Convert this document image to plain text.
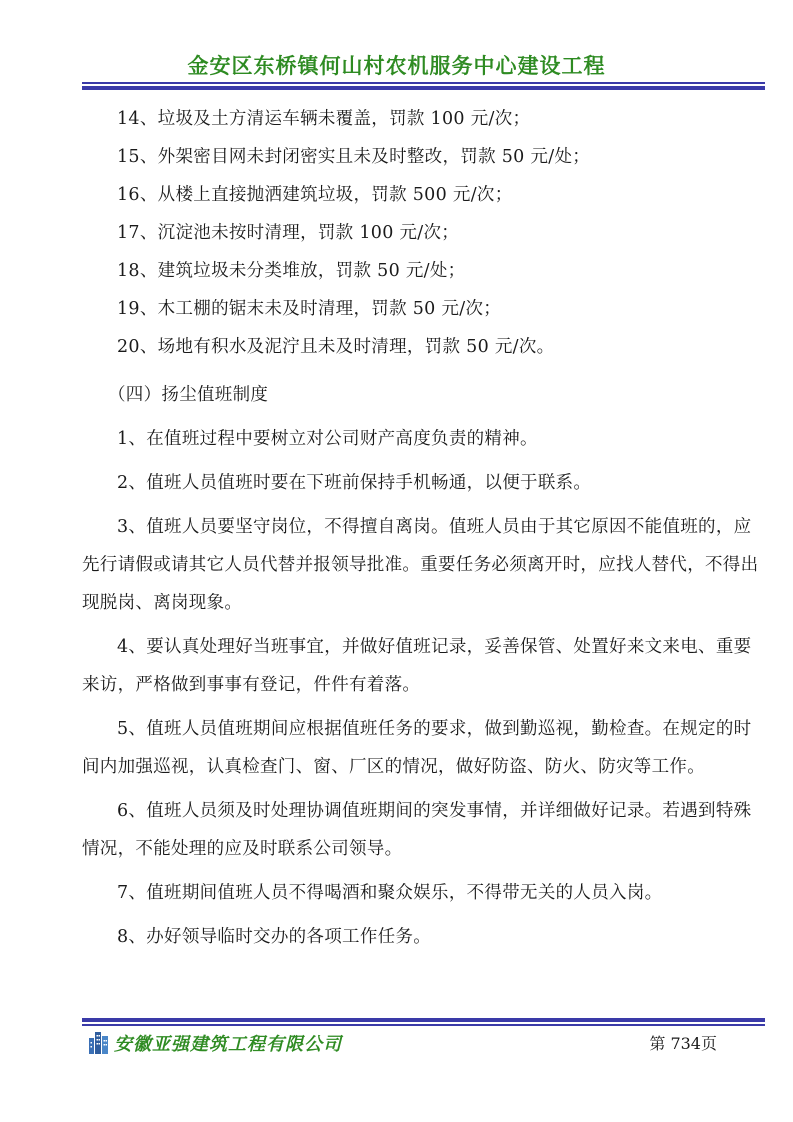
金安区东桥镇何山村农机服务中心建设工程

14、垃圾及土方清运车辆未覆盖，罚款 100 元/次；

15、外架密目网未封闭密实且未及时整改，罚款 50 元/处；

16、从楼上直接抛洒建筑垃圾，罚款 500 元/次；

17、沉淀池未按时清理，罚款 100 元/次；

18、建筑垃圾未分类堆放，罚款 50 元/处；

19、木工棚的锯末未及时清理，罚款 50 元/次；

20、场地有积水及泥泞且未及时清理，罚款 50 元/次。

（四）扬尘值班制度

1、在值班过程中要树立对公司财产高度负责的精神。

2、值班人员值班时要在下班前保持手机畅通，以便于联系。

3、值班人员要坚守岗位，不得擅自离岗。值班人员由于其它原因不能值班的，应先行请假或请其它人员代替并报领导批准。重要任务必须离开时，应找人替代，不得出现脱岗、离岗现象。

4、要认真处理好当班事宜，并做好值班记录，妥善保管、处置好来文来电、重要来访，严格做到事事有登记，件件有着落。

5、值班人员值班期间应根据值班任务的要求，做到勤巡视，勤检查。在规定的时间内加强巡视，认真检查门、窗、厂区的情况，做好防盗、防火、防灾等工作。

6、值班人员须及时处理协调值班期间的突发事情，并详细做好记录。若遇到特殊情况，不能处理的应及时联系公司领导。

7、值班期间值班人员不得喝酒和聚众娱乐，不得带无关的人员入岗。

8、办好领导临时交办的各项工作任务。

安徽亚强建筑工程有限公司	第 734页
